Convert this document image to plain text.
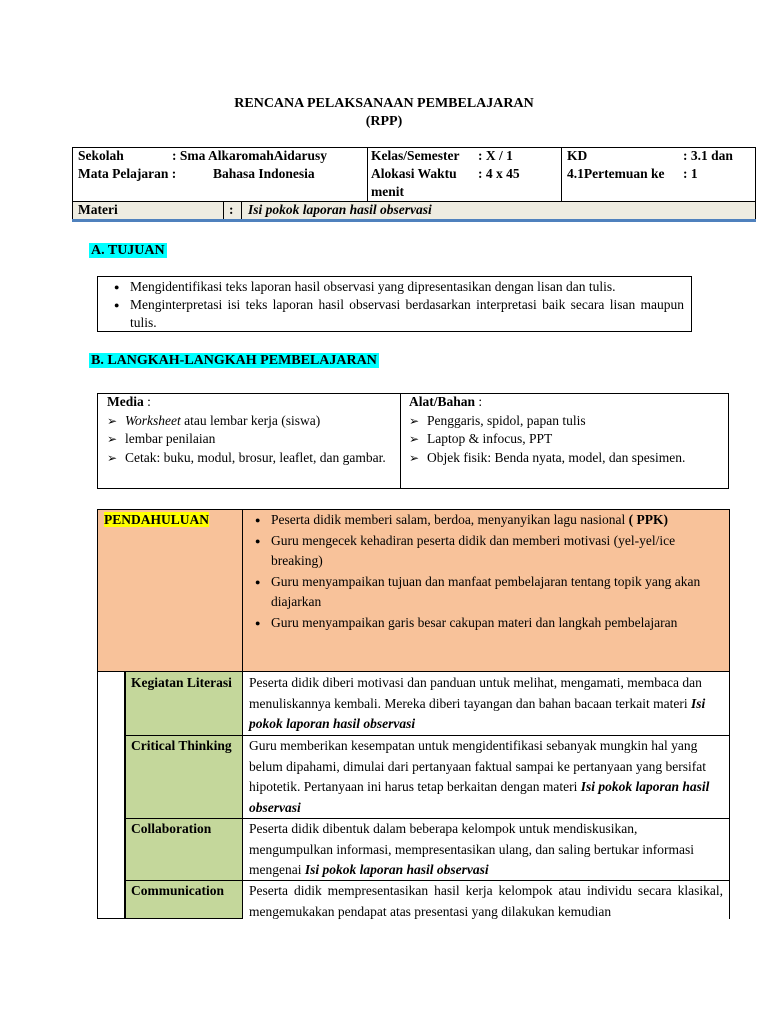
RENCANA PELAKSANAAN PEMBELAJARAN
(RPP)
Sekolah	: Sma AlkaromahAidarusy
Mata Pelajaran :	Bahasa Indonesia
Kelas/Semester : X / 1
Alokasi Waktu : 4 x 45
menit
KD	: 3.1 dan
4.1Pertemuan ke : 1
Materi	: Isi pokok laporan hasil observasi
A. TUJUAN
● Mengidentifikasi teks laporan hasil observasi yang dipresentasikan dengan lisan dan tulis.
● Menginterpretasi isi teks laporan hasil observasi berdasarkan interpretasi baik secara lisan maupun tulis.
B. LANGKAH-LANGKAH PEMBELAJARAN
Media :
➢ Worksheet atau lembar kerja (siswa)
➢ lembar penilaian
➢ Cetak: buku, modul, brosur, leaflet, dan gambar.
Alat/Bahan :
➢ Penggaris, spidol, papan tulis
➢ Laptop & infocus, PPT
➢ Objek fisik: Benda nyata, model, dan spesimen.
PENDAHULUAN
●	Peserta didik memberi salam, berdoa, menyanyikan lagu nasional ( PPK)
● Guru mengecek kehadiran peserta didik dan memberi motivasi (yel-yel/ice breaking)
● Guru menyampaikan tujuan dan manfaat pembelajaran tentang topik yang akan diajarkan
● Guru menyampaikan garis besar cakupan materi dan langkah pembelajaran
Kegiatan Literasi	Peserta didik diberi motivasi dan panduan untuk melihat, mengamati, membaca dan menuliskannya kembali. Mereka diberi tayangan dan bahan bacaan terkait materi Isi pokok laporan hasil observasi
Critical Thinking	Guru memberikan kesempatan untuk mengidentifikasi sebanyak mungkin hal yang belum dipahami, dimulai dari pertanyaan faktual sampai ke pertanyaan yang bersifat hipotetik. Pertanyaan ini harus tetap berkaitan dengan materi Isi pokok laporan hasil observasi
Collaboration	Peserta didik dibentuk dalam beberapa kelompok untuk mendiskusikan, mengumpulkan informasi, mempresentasikan ulang, dan saling bertukar informasi mengenai Isi pokok laporan hasil observasi
Communication	Peserta didik mempresentasikan hasil kerja kelompok atau individu secara klasikal, mengemukakan pendapat atas presentasi yang dilakukan kemudian
